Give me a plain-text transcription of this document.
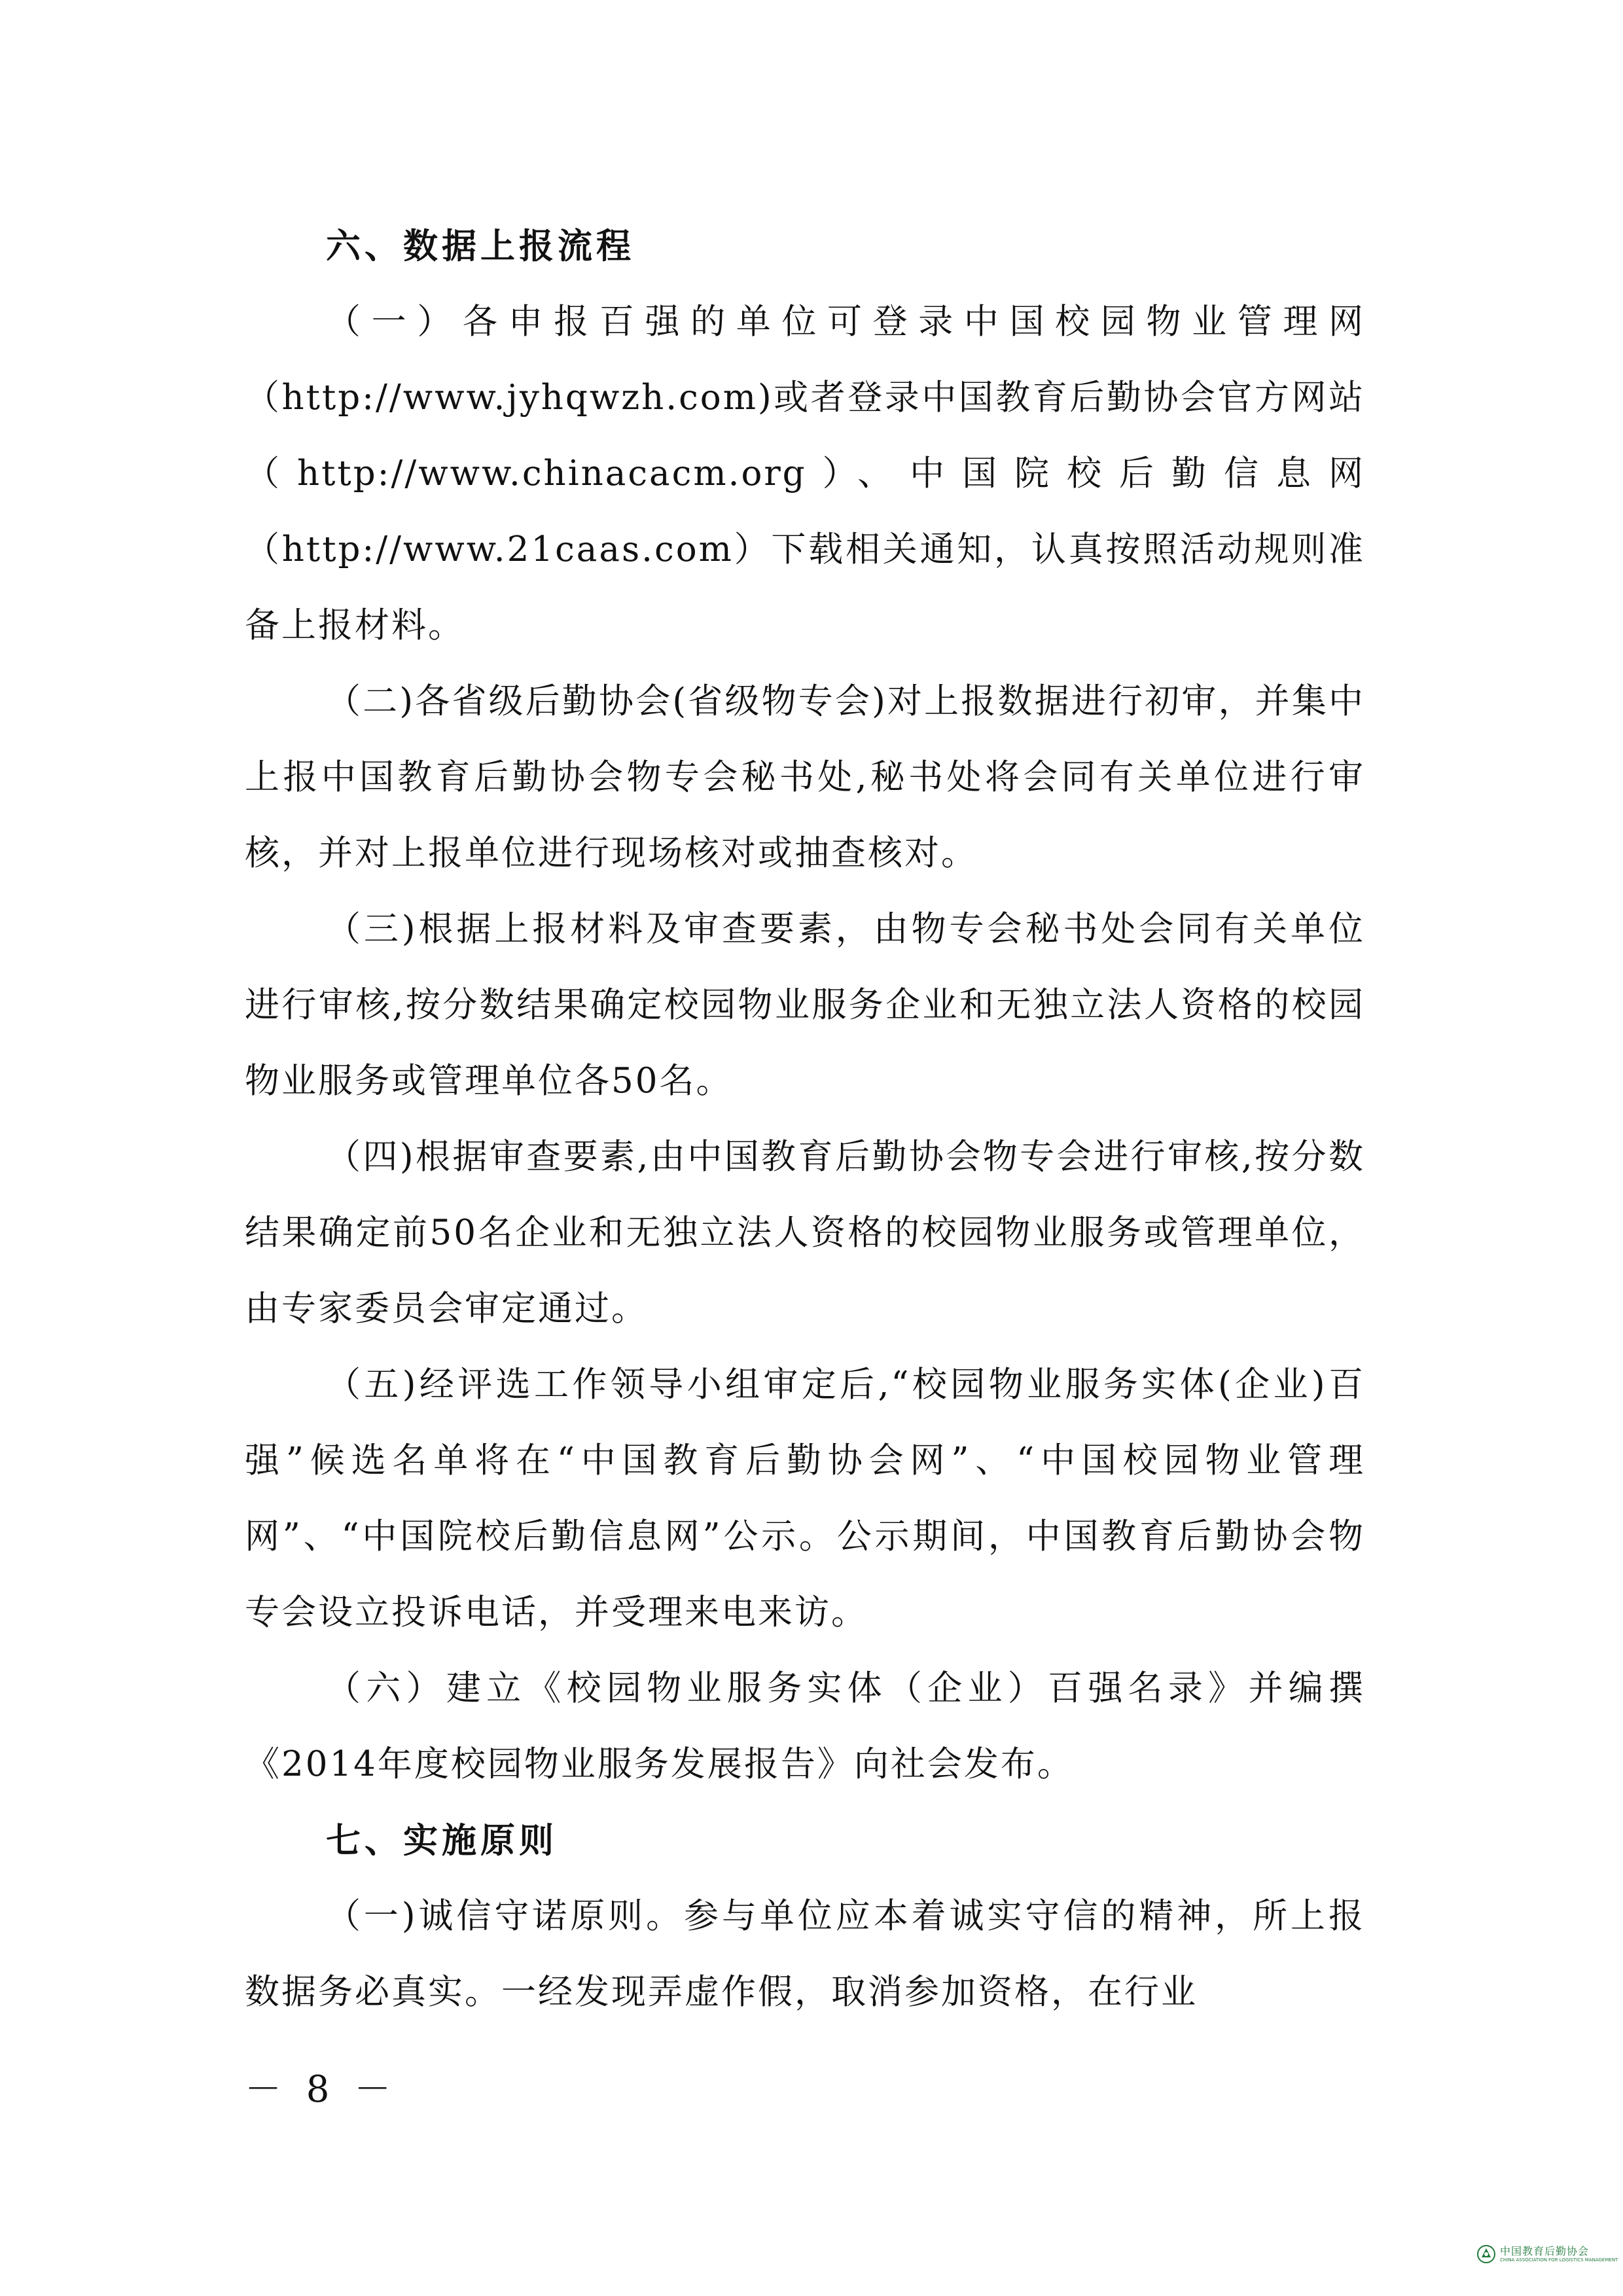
六、数据上报流程

（一）各申报百强的单位可登录中国校园物业管理网（http://www.jyhqwzh.com)或者登录中国教育后勤协会官方网站（http://www.chinacacm.org）、中国院校后勤信息网（http://www.21caas.com）下载相关通知，认真按照活动规则准备上报材料。

（二)各省级后勤协会(省级物专会)对上报数据进行初审，并集中上报中国教育后勤协会物专会秘书处,秘书处将会同有关单位进行审核，并对上报单位进行现场核对或抽查核对。

（三)根据上报材料及审查要素，由物专会秘书处会同有关单位进行审核,按分数结果确定校园物业服务企业和无独立法人资格的校园物业服务或管理单位各50名。

（四)根据审查要素,由中国教育后勤协会物专会进行审核,按分数结果确定前50名企业和无独立法人资格的校园物业服务或管理单位，由专家委员会审定通过。

（五)经评选工作领导小组审定后,“校园物业服务实体(企业)百强”候选名单将在“中国教育后勤协会网”、“中国校园物业管理网”、“中国院校后勤信息网”公示。公示期间，中国教育后勤协会物专会设立投诉电话，并受理来电来访。

（六）建立《校园物业服务实体（企业）百强名录》并编撰《2014年度校园物业服务发展报告》向社会发布。

七、实施原则

（一)诚信守诺原则。参与单位应本着诚实守信的精神，所上报数据务必真实。一经发现弄虚作假，取消参加资格，在行业

－ 8 －
中国教育后勤协会
CHINA ASSOCIATION FOR LOGISTICS MANAGEMENT
